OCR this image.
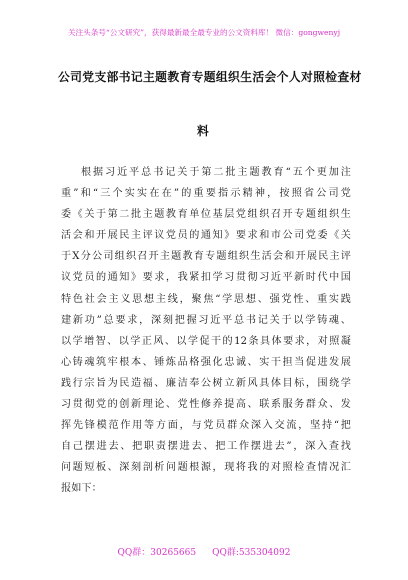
关注头条号“公文研究”，获得最新最全最专业的公文资料库！ 微信：gongwenyj
公司党支部书记主题教育专题组织生活会个人对照检查材
料
根据习近平总书记关于第二批主题教育“五个更加注
重”和“三个实实在在”的重要指示精神，按照省公司党
委《关于第二批主题教育单位基层党组织召开专题组织生
活会和开展民主评议党员的通知》要求和市公司党委《关
于X分公司组织召开主题教育专题组织生活会和开展民主评
议党员的通知》要求，我紧扣学习贯彻习近平新时代中国
特色社会主义思想主线，聚焦“学思想、强党性、重实践
建新功”总要求，深刻把握习近平总书记关于以学铸魂、
以学增智、以学正风、以学促干的12条具体要求，对照凝
心铸魂筑牢根本、锤炼品格强化忠诚、实干担当促进发展
践行宗旨为民造福、廉洁奉公树立新风具体目标，围绕学
习贯彻党的创新理论、党性修养提高、联系服务群众、发
挥先锋模范作用等方面，与党员群众深入交流，坚持“把
自己摆进去、把职责摆进去、把工作摆进去”，深入查找
问题短板、深刻剖析问题根源，现将我的对照检查情况汇
报如下：
QQ群：30265665 QQ群:535304092
